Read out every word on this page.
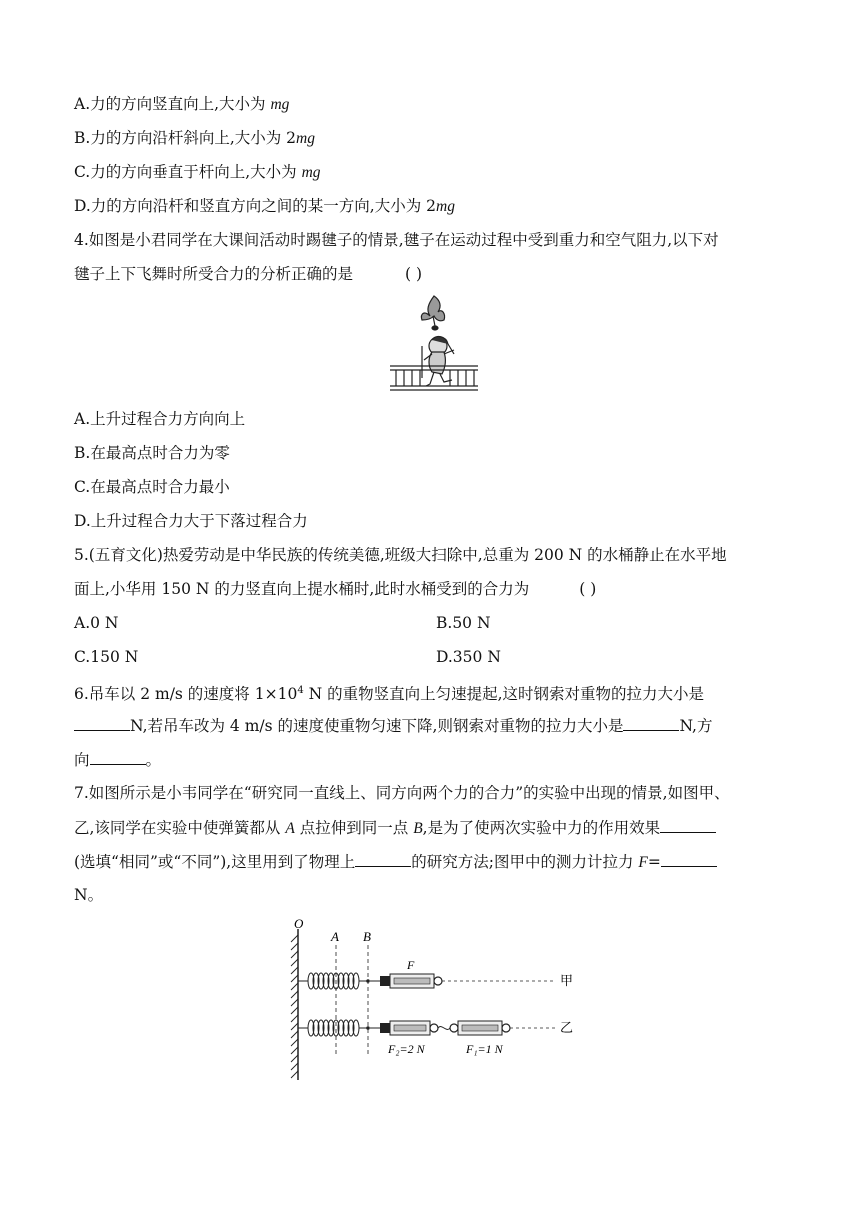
A.力的方向竖直向上,大小为 mg
B.力的方向沿杆斜向上,大小为 2mg
C.力的方向垂直于杆向上,大小为 mg
D.力的方向沿杆和竖直方向之间的某一方向,大小为 2mg
4.如图是小君同学在大课间活动时踢毽子的情景,毽子在运动过程中受到重力和空气阻力,以下对
毽子上下飞舞时所受合力的分析正确的是	( )
A.上升过程合力方向向上
B.在最高点时合力为零
C.在最高点时合力最小
D.上升过程合力大于下落过程合力
5.(五育文化)热爱劳动是中华民族的传统美德,班级大扫除中,总重为 200 N 的水桶静止在水平地
面上,小华用 150 N 的力竖直向上提水桶时,此时水桶受到的合力为	( )
A.0 N	B.50 N
C.150 N	D.350 N
6.吊车以 2 m/s 的速度将 $1\times 10^4$ N 的重物竖直向上匀速提起,这时钢索对重物的拉力大小是
N,若吊车改为 4 m/s 的速度使重物匀速下降,则钢索对重物的拉力大小是	N,方
向	。
7.如图所示是小韦同学在“研究同一直线上、同方向两个力的合力”的实验中出现的情景,如图甲、
乙,该同学在实验中使弹簧都从 A 点拉伸到同一点 B,是为了使两次实验中力的作用效果
(选填“相同”或“不同”),这里用到了物理上	的研究方法;图甲中的测力计拉力 F=
N。
O
A B
F
甲
乙
F₂=2 N	F₁=1 N
